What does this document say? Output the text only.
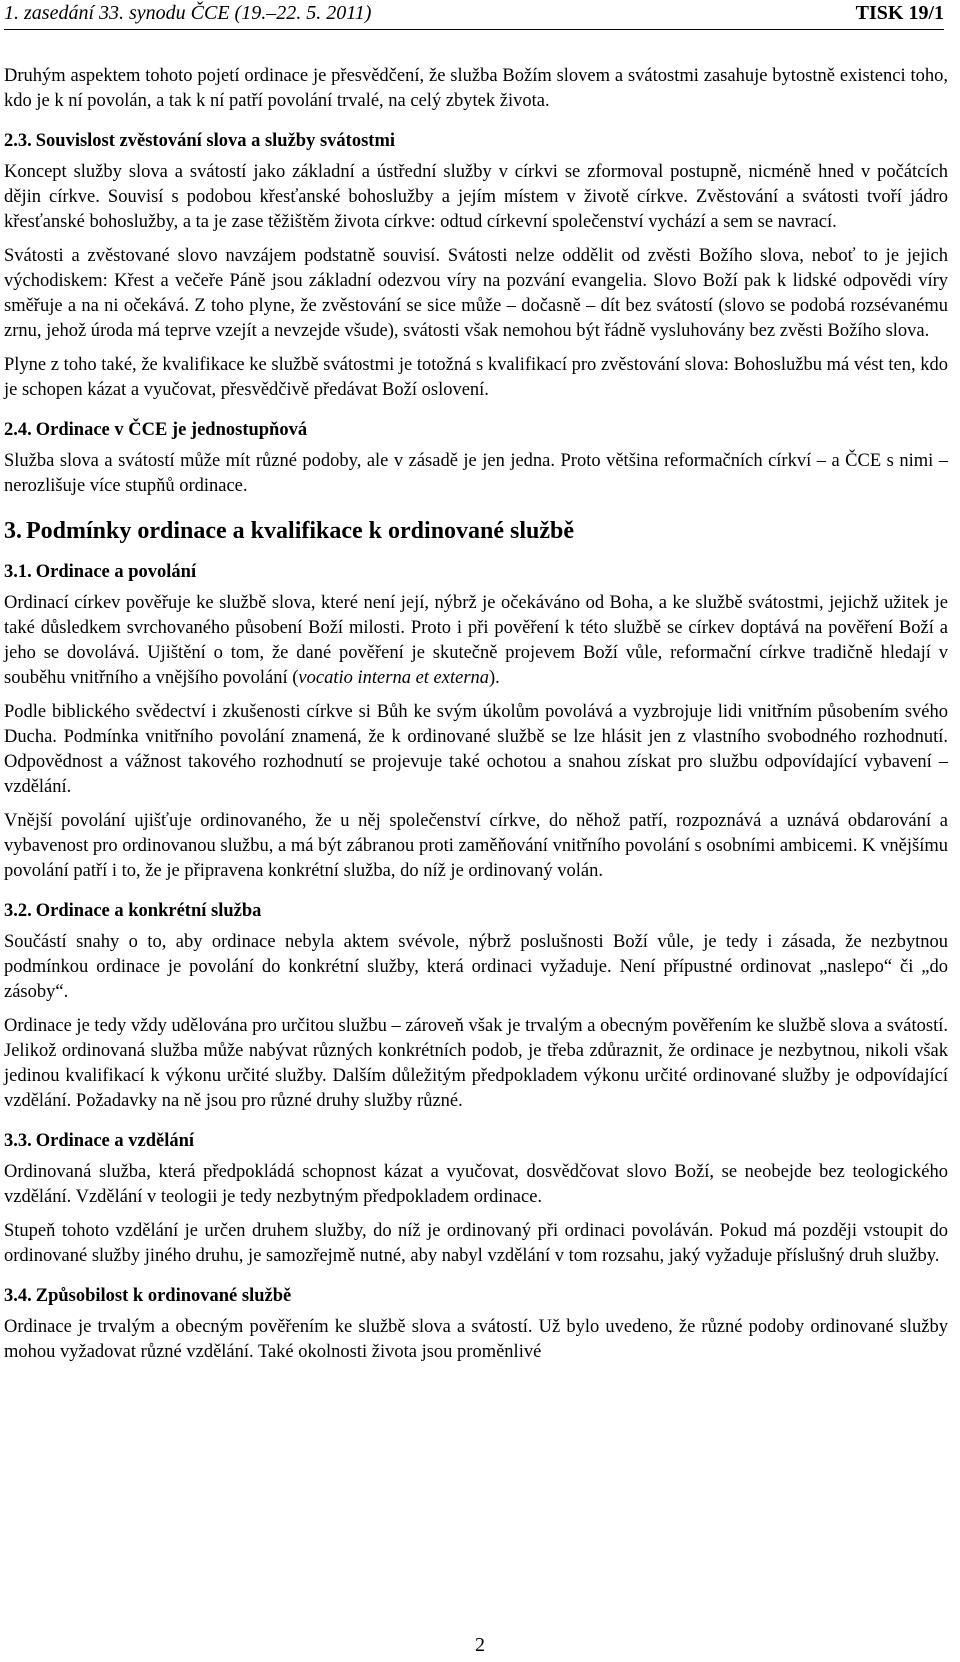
1. zasedání 33. synodu ČCE (19.–22. 5. 2011)	TISK 19/1

Druhým aspektem tohoto pojetí ordinace je přesvědčení, že služba Božím slovem a svátostmi zasahuje bytostně existenci toho, kdo je k ní povolán, a tak k ní patří povolání trvalé, na celý zbytek života.

2.3. Souvislost zvěstování slova a služby svátostmi

Koncept služby slova a svátostí jako základní a ústřední služby v církvi se zformoval postupně, nicméně hned v počátcích dějin církve. Souvisí s podobou křesťanské bohoslužby a jejím místem v životě církve. Zvěstování a svátosti tvoří jádro křesťanské bohoslužby, a ta je zase těžištěm života církve: odtud církevní společenství vychází a sem se navrací.

Svátosti a zvěstované slovo navzájem podstatně souvisí. Svátosti nelze oddělit od zvěsti Božího slova, neboť to je jejich východiskem: Křest a večeře Páně jsou základní odezvou víry na pozvání evangelia. Slovo Boží pak k lidské odpovědi víry směřuje a na ni očekává. Z toho plyne, že zvěstování se sice může – dočasně – dít bez svátostí (slovo se podobá rozsévanému zrnu, jehož úroda má teprve vzejít a nevzejde všude), svátosti však nemohou být řádně vysluhovány bez zvěsti Božího slova.

Plyne z toho také, že kvalifikace ke službě svátostmi je totožná s kvalifikací pro zvěstování slova: Bohoslužbu má vést ten, kdo je schopen kázat a vyučovat, přesvědčivě předávat Boží oslovení.

2.4. Ordinace v ČCE je jednostupňová

Služba slova a svátostí může mít různé podoby, ale v zásadě je jen jedna. Proto většina reformačních církví – a ČCE s nimi – nerozlišuje více stupňů ordinace.

3. Podmínky ordinace a kvalifikace k ordinované službě
3.1. Ordinace a povolání

Ordinací církev pověřuje ke službě slova, které není její, nýbrž je očekáváno od Boha, a ke službě svátostmi, jejichž užitek je také důsledkem svrchovaného působení Boží milosti. Proto i při pověření k této službě se církev doptává na pověření Boží a jeho se dovolává. Ujištění o tom, že dané pověření je skutečně projevem Boží vůle, reformační církve tradičně hledají v souběhu vnitřního a vnějšího povolání (vocatio interna et externa).

Podle biblického svědectví i zkušenosti církve si Bůh ke svým úkolům povolává a vyzbrojuje lidi vnitřním působením svého Ducha. Podmínka vnitřního povolání znamená, že k ordinované službě se lze hlásit jen z vlastního svobodného rozhodnutí. Odpovědnost a vážnost takového rozhodnutí se projevuje také ochotou a snahou získat pro službu odpovídající vybavení – vzdělání.

Vnější povolání ujišťuje ordinovaného, že u něj společenství církve, do něhož patří, rozpoznává a uznává obdarování a vybavenost pro ordinovanou službu, a má být zábranou proti zaměňování vnitřního povolání s osobními ambicemi. K vnějšímu povolání patří i to, že je připravena konkrétní služba, do níž je ordinovaný volán.

3.2. Ordinace a konkrétní služba

Součástí snahy o to, aby ordinace nebyla aktem svévole, nýbrž poslušnosti Boží vůle, je tedy i zásada, že nezbytnou podmínkou ordinace je povolání do konkrétní služby, která ordinaci vyžaduje. Není přípustné ordinovat „naslepo“ či „do zásoby“.

Ordinace je tedy vždy udělována pro určitou službu – zároveň však je trvalým a obecným pověřením ke službě slova a svátostí. Jelikož ordinovaná služba může nabývat různých konkrétních podob, je třeba zdůraznit, že ordinace je nezbytnou, nikoli však jedinou kvalifikací k výkonu určité služby. Dalším důležitým předpokladem výkonu určité ordinované služby je odpovídající vzdělání. Požadavky na ně jsou pro různé druhy služby různé.

3.3. Ordinace a vzdělání

Ordinovaná služba, která předpokládá schopnost kázat a vyučovat, dosvědčovat slovo Boží, se neobejde bez teologického vzdělání. Vzdělání v teologii je tedy nezbytným předpokladem ordinace.

Stupeň tohoto vzdělání je určen druhem služby, do níž je ordinovaný při ordinaci povoláván. Pokud má později vstoupit do ordinované služby jiného druhu, je samozřejmě nutné, aby nabyl vzdělání v tom rozsahu, jaký vyžaduje příslušný druh služby.

3.4. Způsobilost k ordinované službě

Ordinace je trvalým a obecným pověřením ke službě slova a svátostí. Už bylo uvedeno, že různé podoby ordinované služby mohou vyžadovat různé vzdělání. Také okolnosti života jsou proměnlivé

2
